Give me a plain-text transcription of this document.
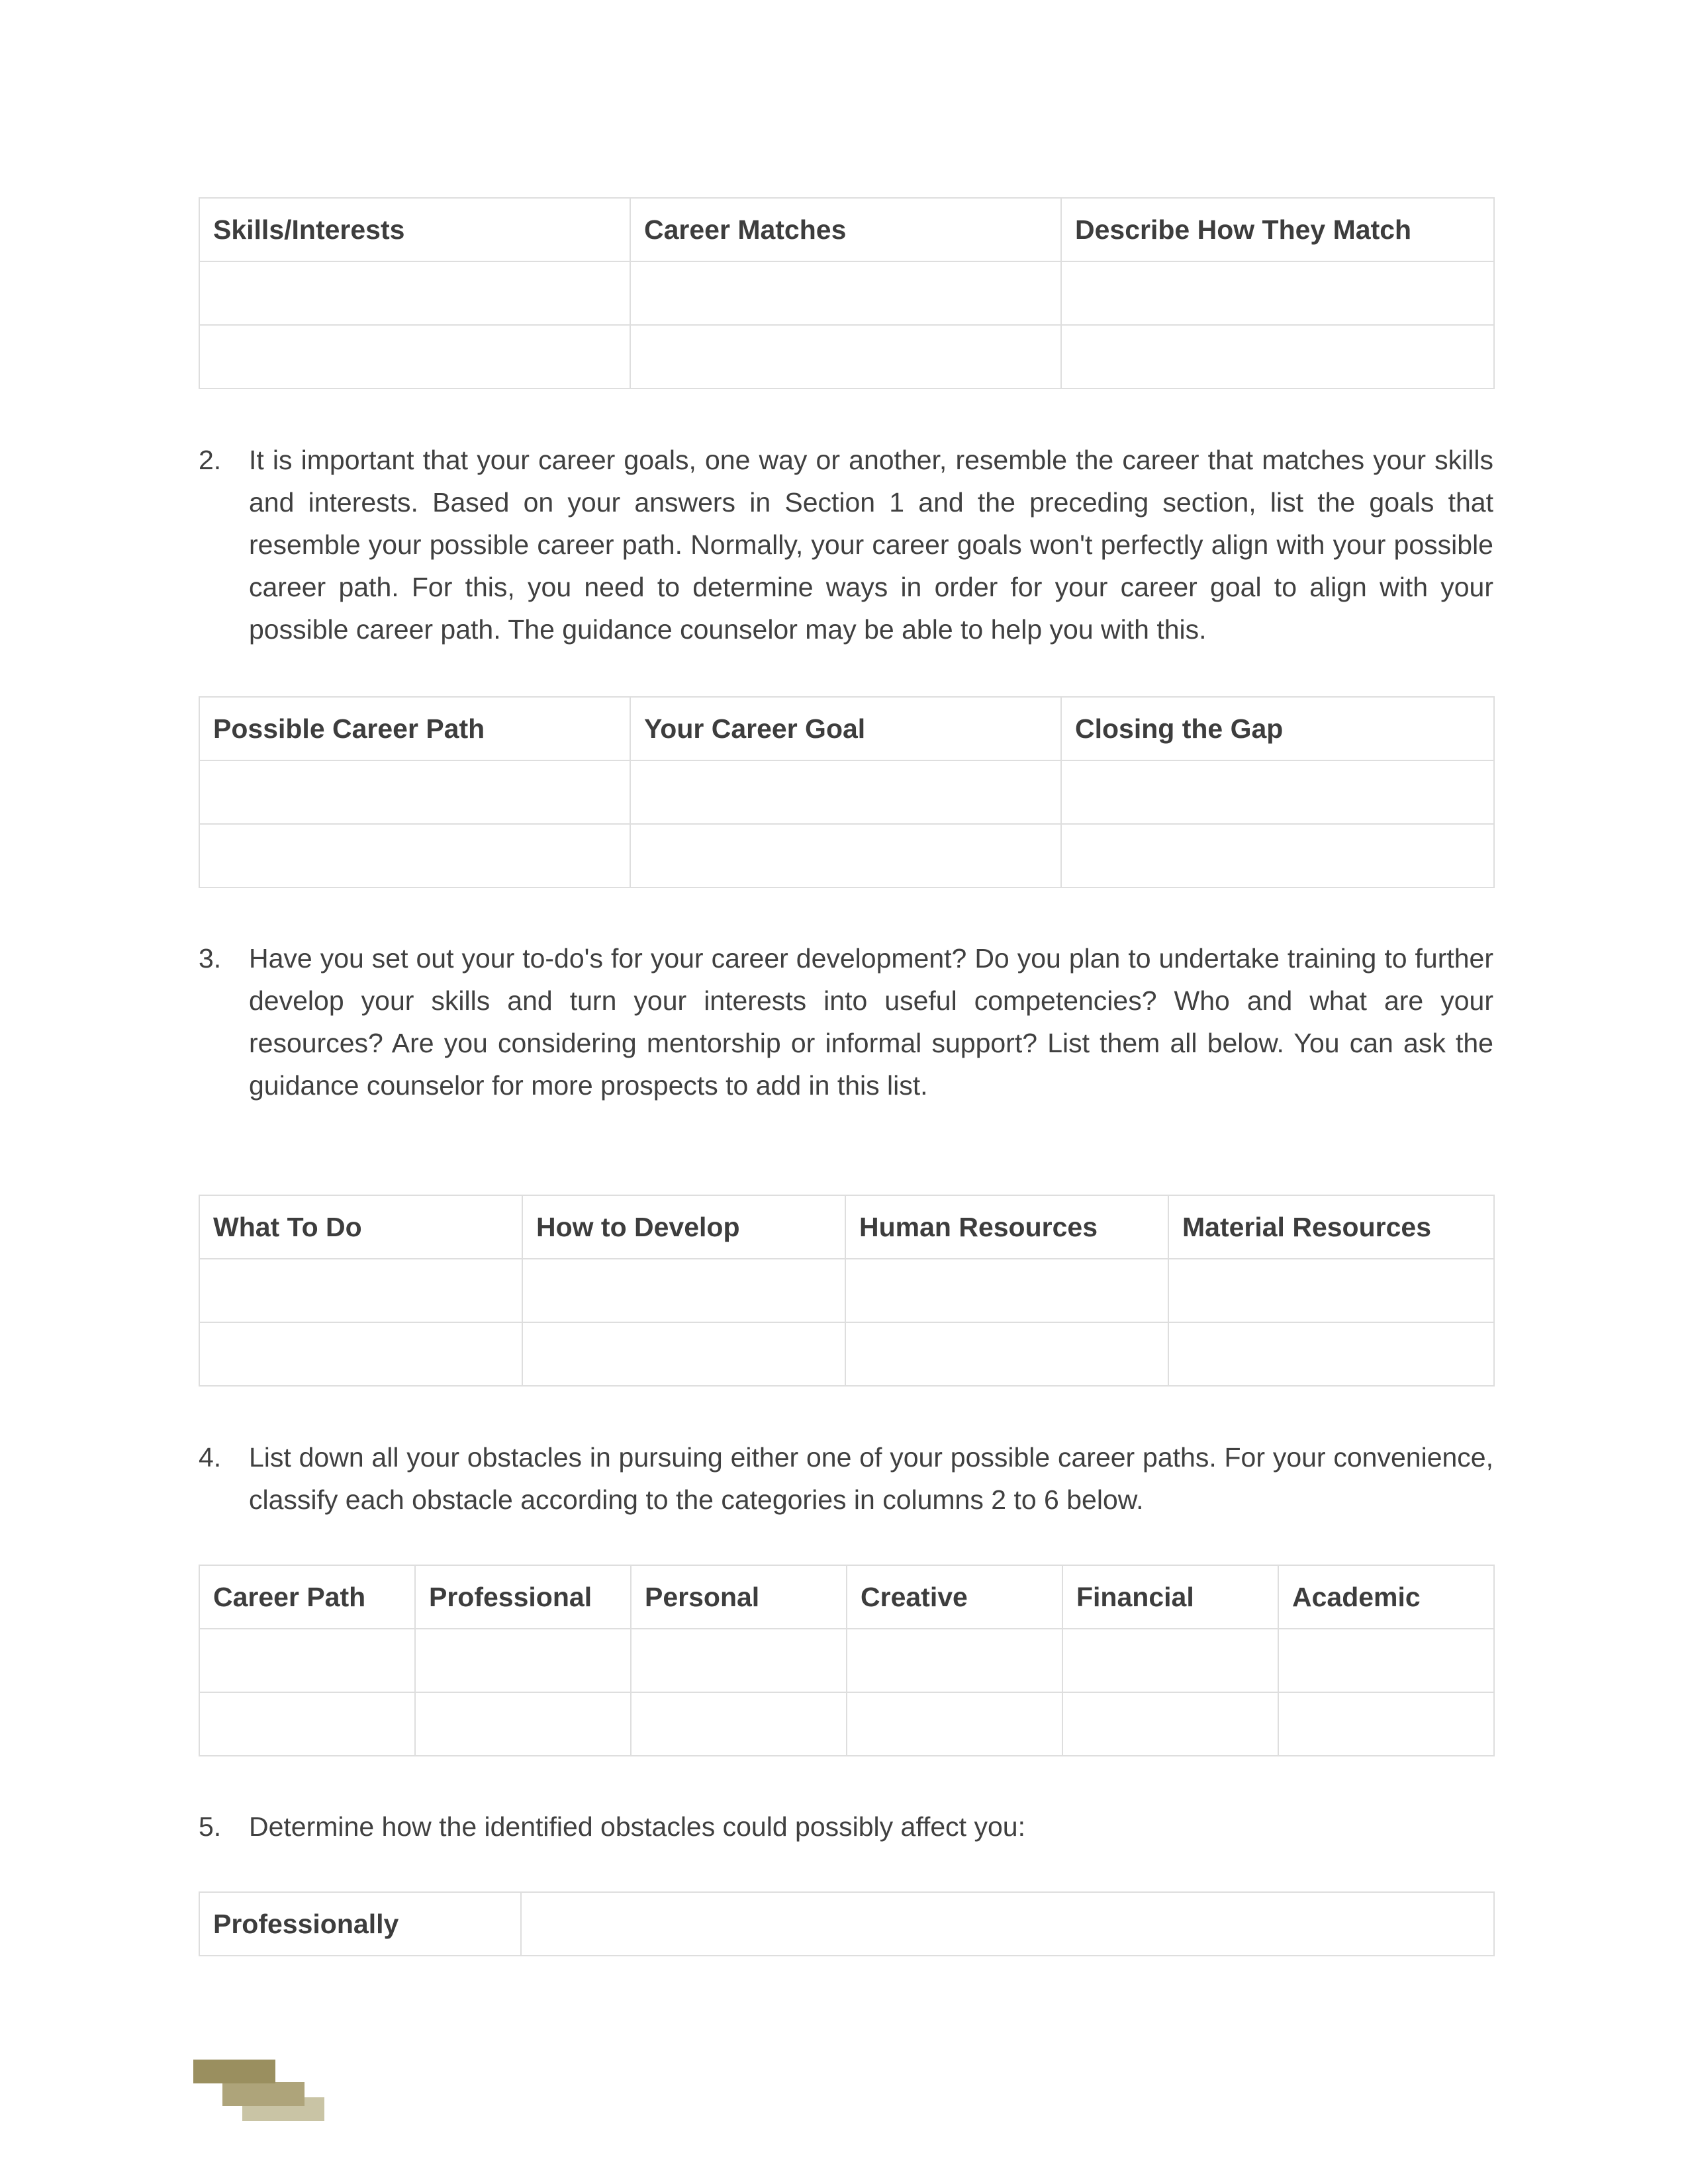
Skills/Interests	Career Matches	Describe How They Match

2. It is important that your career goals, one way or another, resemble the career that matches your skills and interests. Based on your answers in Section 1 and the preceding section, list the goals that resemble your possible career path. Normally, your career goals won't perfectly align with your possible career path. For this, you need to determine ways in order for your career goal to align with your possible career path. The guidance counselor may be able to help you with this.
Possible Career Path	Your Career Goal	Closing the Gap

3. Have you set out your to-do's for your career development? Do you plan to undertake training to further develop your skills and turn your interests into useful competencies? Who and what are your resources? Are you considering mentorship or informal support? List them all below. You can ask the guidance counselor for more prospects to add in this list.
What To Do	How to Develop	Human Resources	Material Resources

4. List down all your obstacles in pursuing either one of your possible career paths. For your convenience, classify each obstacle according to the categories in columns 2 to 6 below.
Career Path	Professional	Personal	Creative	Financial	Academic

5. Determine how the identified obstacles could possibly affect you:
Professionally	
